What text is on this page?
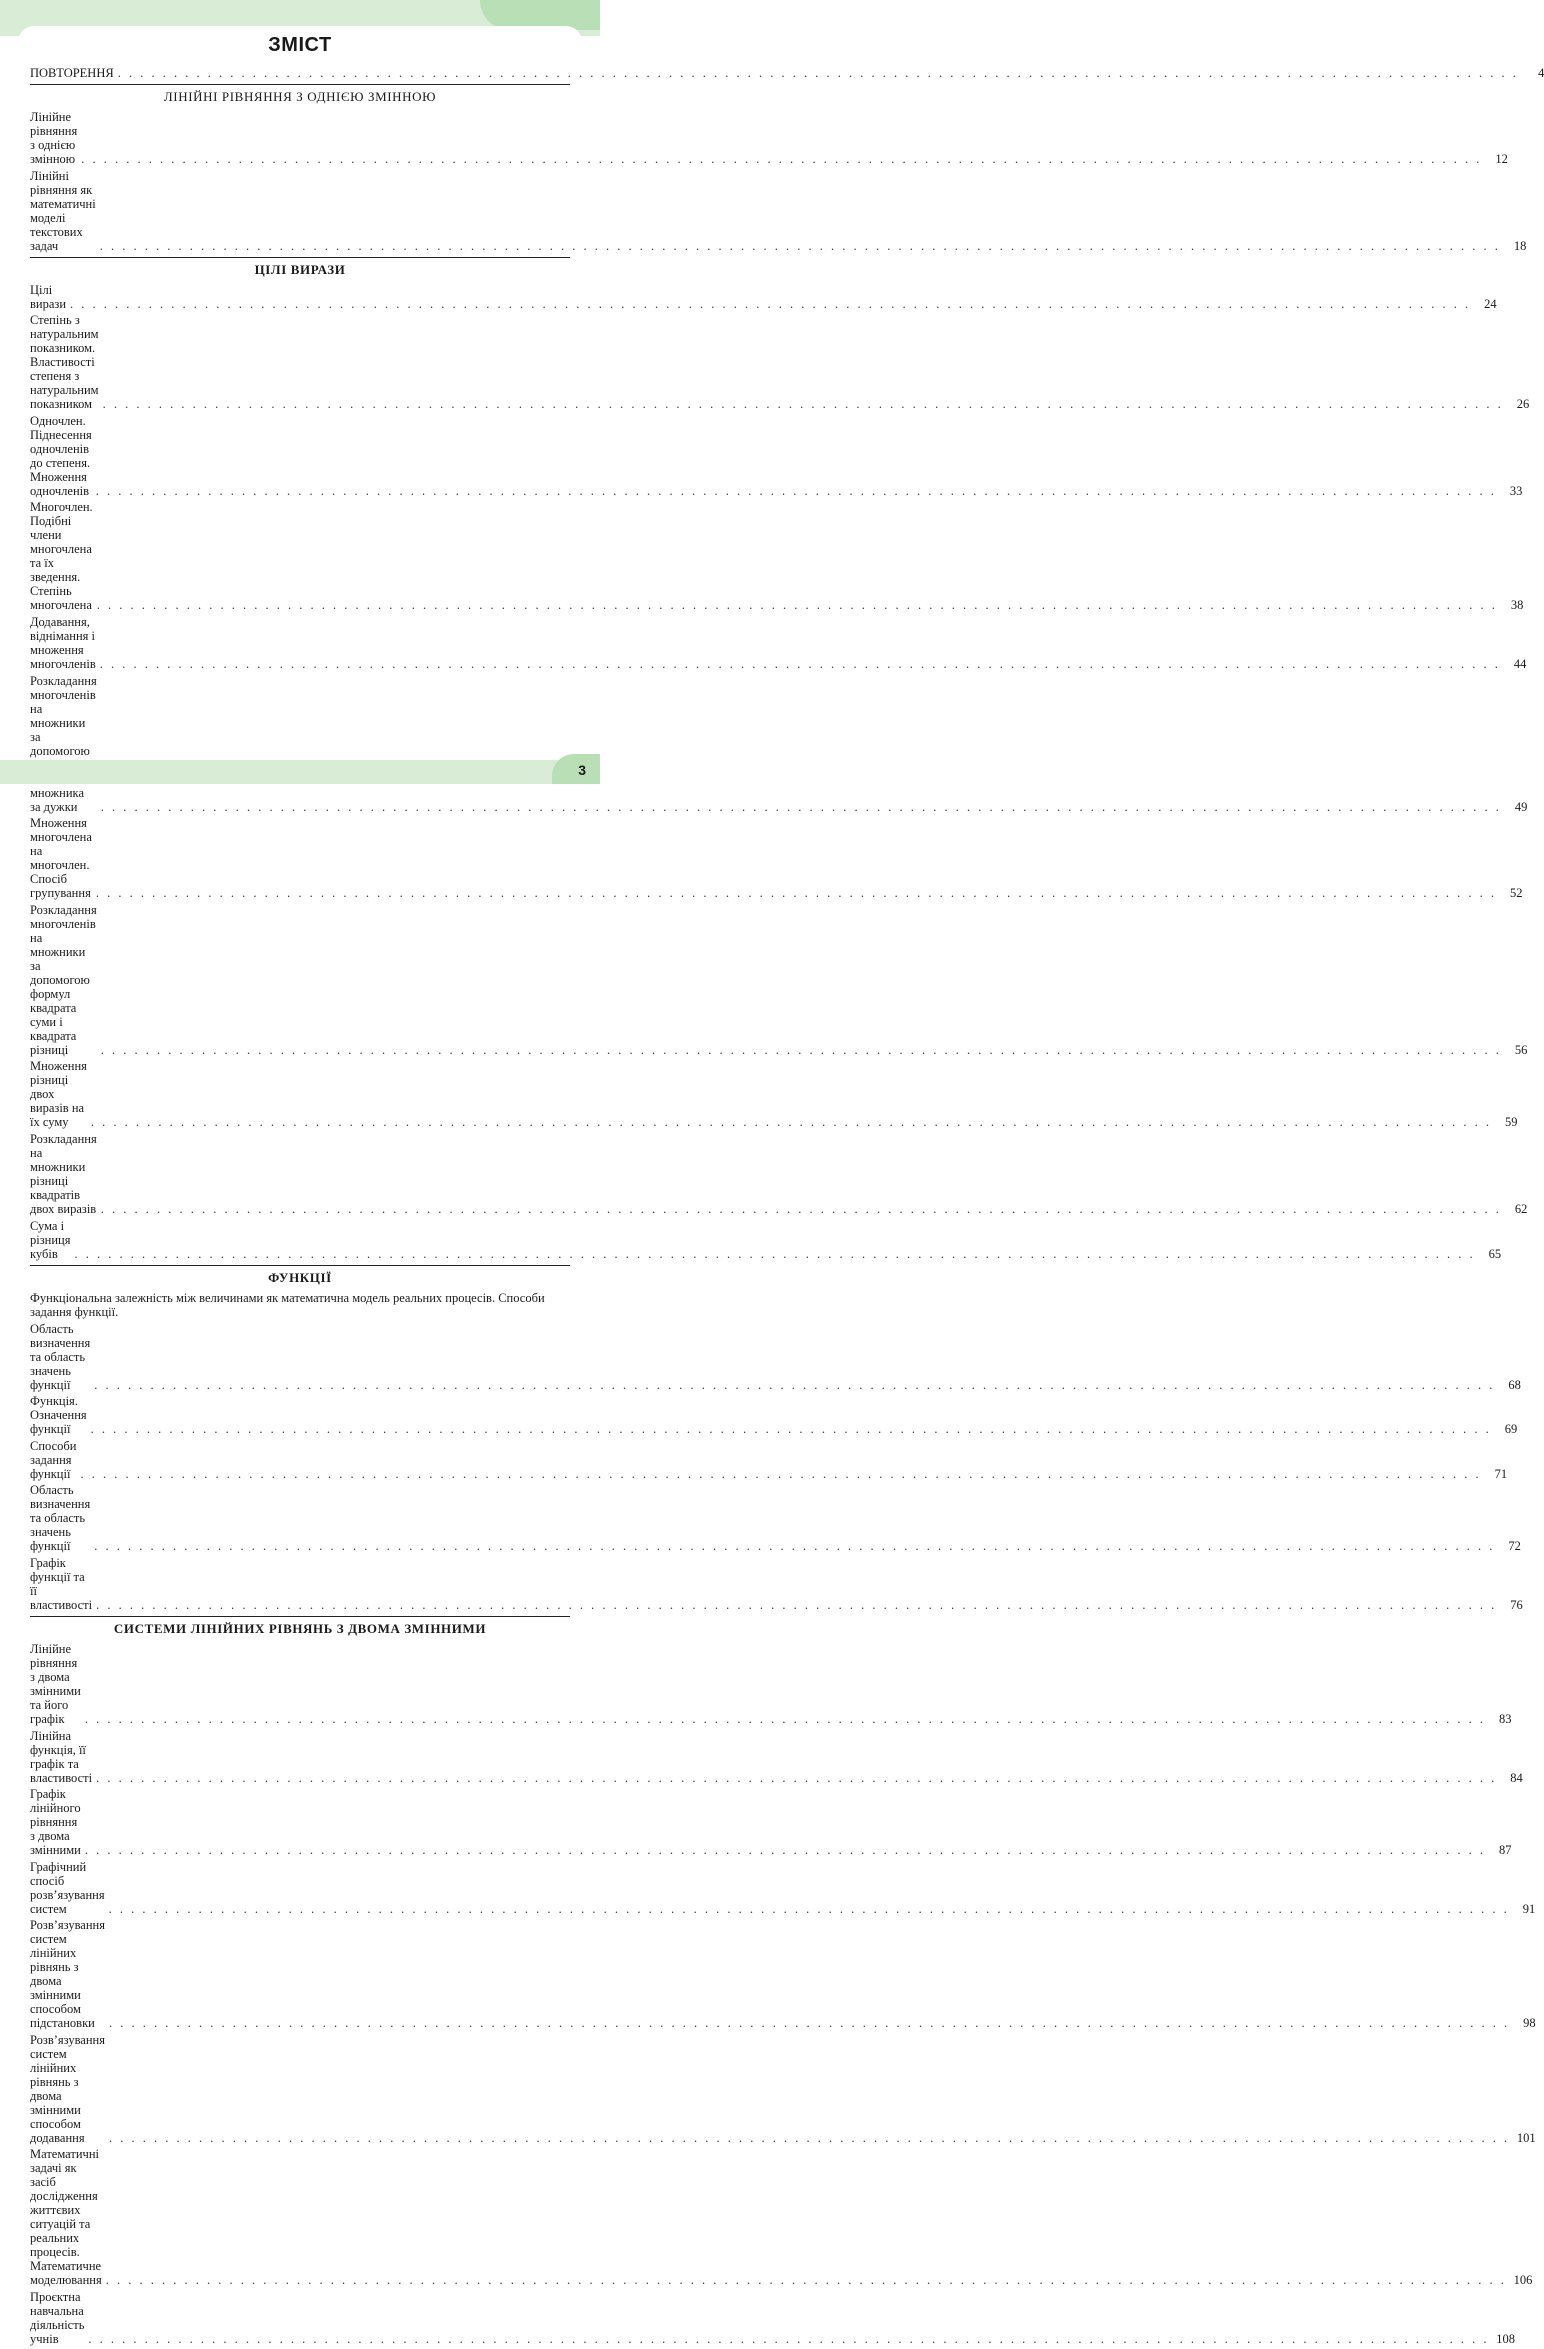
ЗМІСТ
ПОВТОРЕННЯ . . .	4
ЛІНІЙНІ РІВНЯННЯ З ОДНІЄЮ ЗМІННОЮ
Лінійне рівняння з однією змінною . . .	12
Лінійні рівняння як математичні моделі текстових задач . . .	18
ЦІЛІ ВИРАЗИ
Цілі вирази . . .	24
Степінь з натуральним показником. Властивості степеня з натуральним показником . . .	26
Одночлен. Піднесення одночленів до степеня. Множення одночленів . . .	33
Многочлен. Подібні члени многочлена та їх зведення. Степінь многочлена . . .	38
Додавання, віднімання і множення многочленів . . .	44
Розкладання многочленів на множники за допомогою множника за дужки . . .	49
Множення многочлена на многочлен. Спосіб групування . . .	52
Розкладання многочленів на множники за допомогою формул квадрата суми і квадрата різниці . . .	56
Множення різниці двох виразів на їх суму . . .	59
Розкладання на множники різниці квадратів двох виразів . . .	62
Сума і різниця кубів . . .	65
ФУНКЦІЇ
Функціональна залежність між величинами як математична модель реальних процесів. Способи задання функції.
Область визначення та область значень функції . . .	68
Функція. Означення функції . . .	69
Способи задання функції . . .	71
Область визначення та область значень функції . . .	72
Графік функції та її властивості . . .	76
СИСТЕМИ ЛІНІЙНИХ РІВНЯНЬ З ДВОМА ЗМІННИМИ
Лінійне рівняння з двома змінними та його графік . . .	83
Лінійна функція, її графік та властивості . . .	84
Графік лінійного рівняння з двома змінними . . .	87
Графічний спосіб розв’язування систем . . .	91
Розв’язування систем лінійних рівнянь з двома змінними способом підстановки . . .	98
Розв’язування систем лінійних рівнянь з двома змінними способом додавання . . .	101
Математичні задачі як засіб дослідження життєвих ситуацій та реальних процесів. Математичне моделювання . . .	106
Проєктна навчальна діяльність учнів . . .	108
3
